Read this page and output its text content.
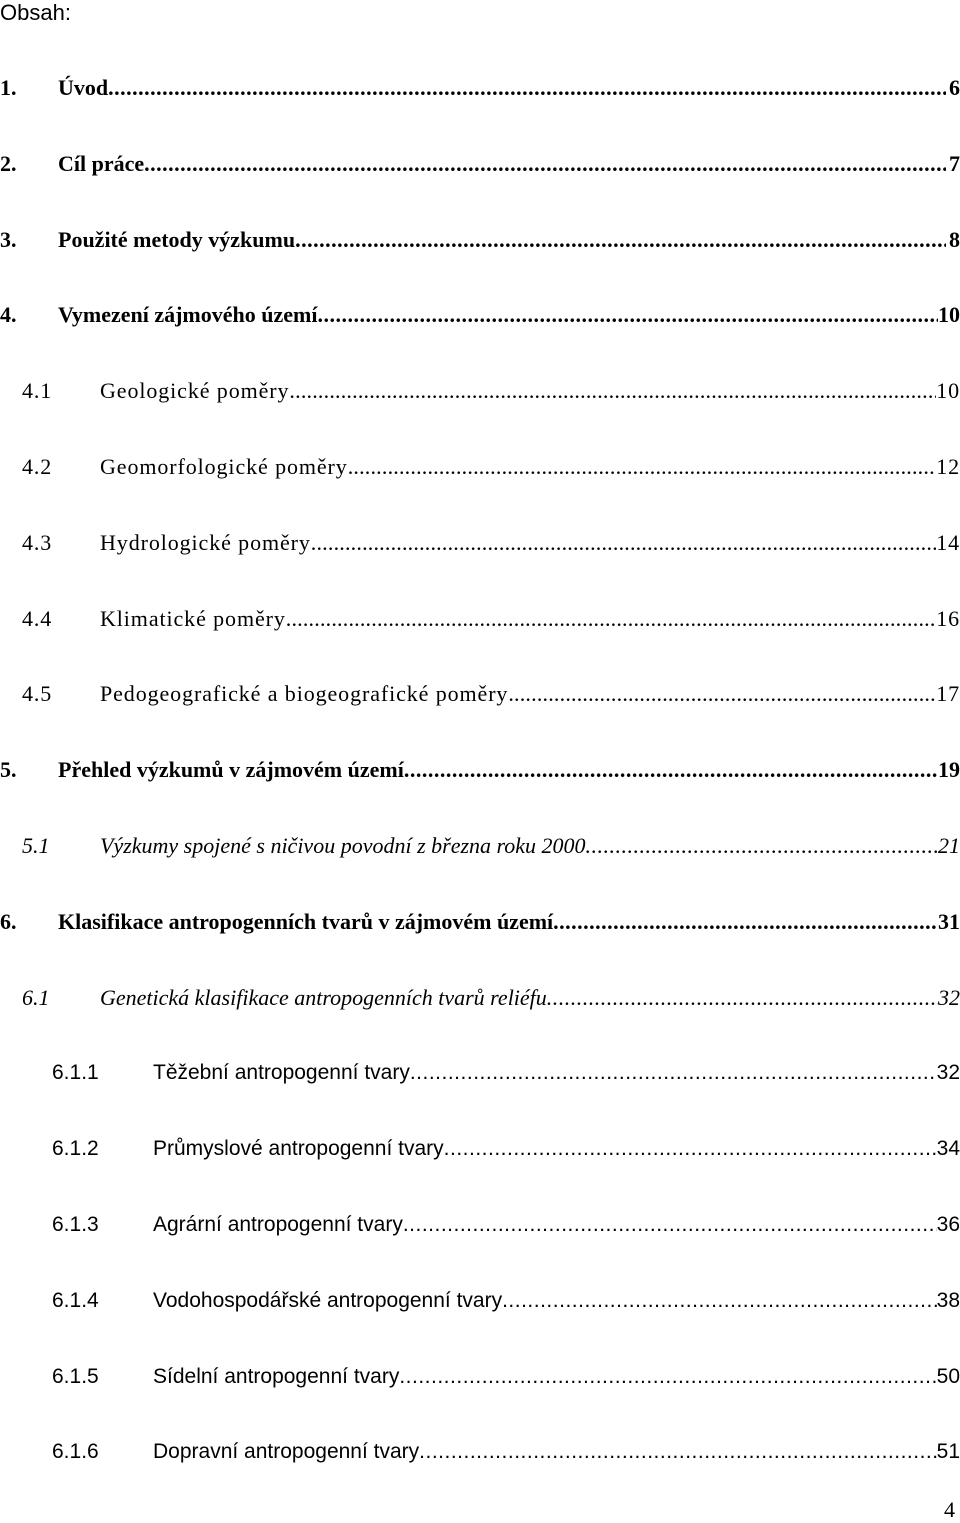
Obsah:
1. Úvod .....	6
2. Cíl práce .....	7
3. Použité metody výzkumu .....	8
4. Vymezení zájmového území .....	10
4.1 Geologické poměry .....	10
4.2 Geomorfologické poměry .....	12
4.3 Hydrologické poměry .....	14
4.4 Klimatické poměry .....	16
4.5 Pedogeografické a biogeografické poměry .....	17
5. Přehled výzkumů v zájmovém území .....	19
5.1 Výzkumy spojené s ničivou povodní z března roku 2000 .....	21
6. Klasifikace antropogenních tvarů v zájmovém území .....	31
6.1 Genetická klasifikace antropogenních tvarů reliéfu .....	32
6.1.1	Těžební antropogenní tvary .....	32
6.1.2	Průmyslové antropogenní tvary .....	34
6.1.3	Agrární antropogenní tvary .....	36
6.1.4	Vodohospodářské antropogenní tvary .....	38
6.1.5	Sídelní antropogenní tvary .....	50
6.1.6	Dopravní antropogenní tvary .....	51
4
